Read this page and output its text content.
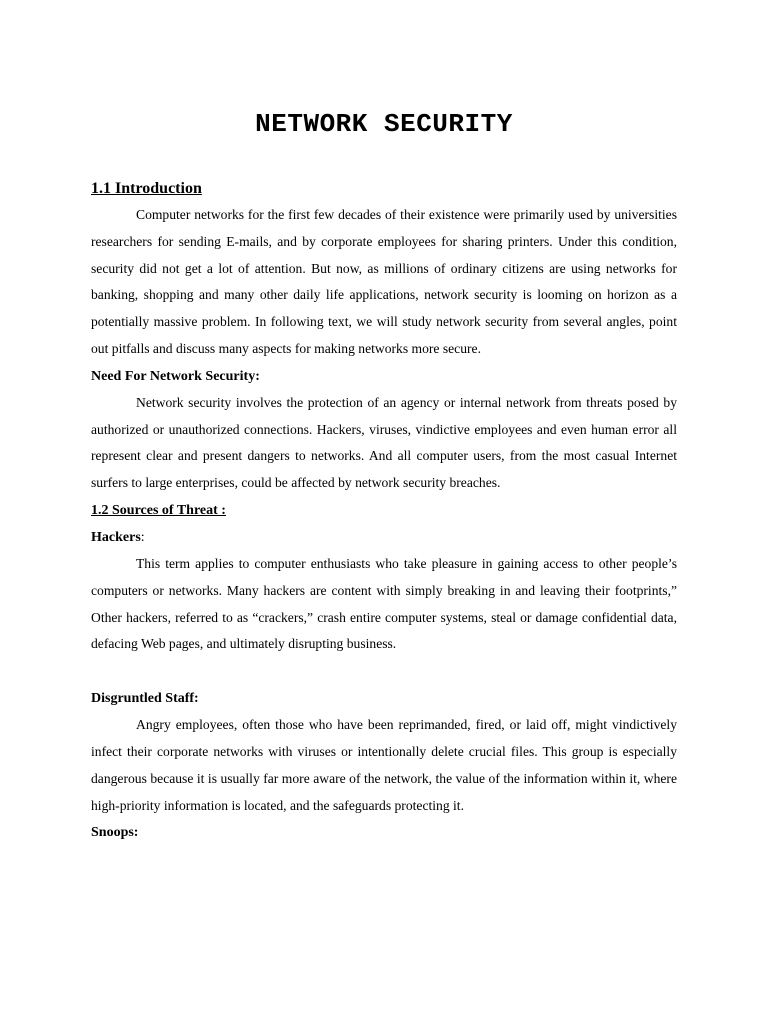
NETWORK SECURITY

1.1 Introduction

Computer networks for the first few decades of their existence were primarily used by universities researchers for sending E-mails, and by corporate employees for sharing printers. Under this condition, security did not get a lot of attention. But now, as millions of ordinary citizens are using networks for banking, shopping and many other daily life applications, network security is looming on horizon as a potentially massive problem. In following text, we will study network security from several angles, point out pitfalls and discuss many aspects for making networks more secure.

Need For Network Security:

Network security involves the protection of an agency or internal network from threats posed by authorized or unauthorized connections. Hackers, viruses, vindictive employees and even human error all represent clear and present dangers to networks. And all computer users, from the most casual Internet surfers to large enterprises, could be affected by network security breaches.

1.2 Sources of Threat :

Hackers:

This term applies to computer enthusiasts who take pleasure in gaining access to other people’s computers or networks. Many hackers are content with simply breaking in and leaving their footprints,” Other hackers, referred to as “crackers,” crash entire computer systems, steal or damage confidential data, defacing Web pages, and ultimately disrupting business.

Disgruntled Staff:

Angry employees, often those who have been reprimanded, fired, or laid off, might vindictively infect their corporate networks with viruses or intentionally delete crucial files. This group is especially dangerous because it is usually far more aware of the network, the value of the information within it, where high-priority information is located, and the safeguards protecting it.

Snoops:
